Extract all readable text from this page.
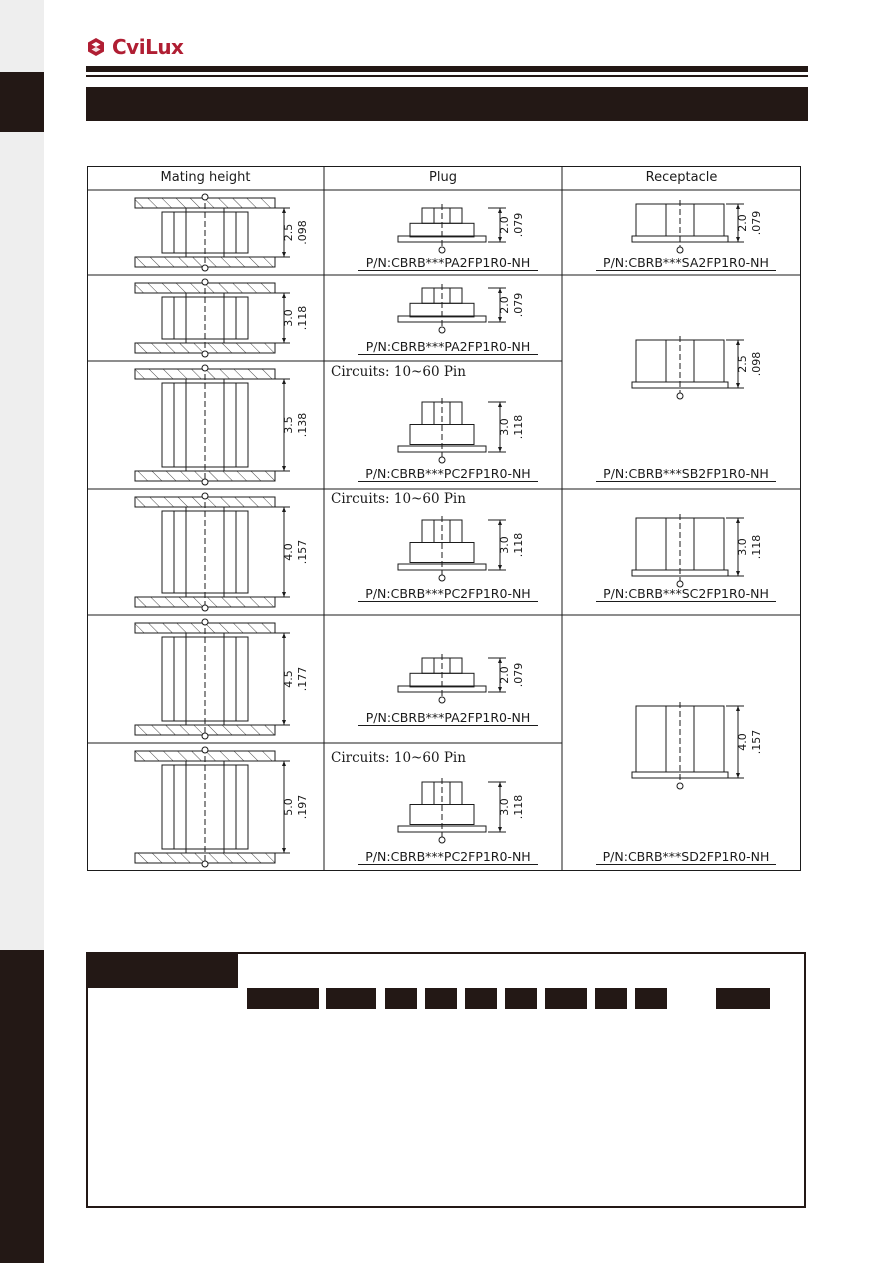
CviLux
2.5 .098
3.0 .118
3.5 .138
4.0 .157
4.5 .177
5.0 .197
2.0 .079
2.0 .079
3.0 .118
3.0 .118
2.0 .079
3.0 .118
2.0 .079
2.5 .098
3.0 .118
4.0 .157
Mating height	Plug	Receptacle
P/N:CBRB***PA2FP1R0-NH
P/N:CBRB***PA2FP1R0-NH
P/N:CBRB***PC2FP1R0-NH
P/N:CBRB***PC2FP1R0-NH
P/N:CBRB***PA2FP1R0-NH
P/N:CBRB***PC2FP1R0-NH
P/N:CBRB***SA2FP1R0-NH
P/N:CBRB***SB2FP1R0-NH
P/N:CBRB***SC2FP1R0-NH
P/N:CBRB***SD2FP1R0-NH
Circuits: 10~60 Pin
Circuits: 10~60 Pin
Circuits: 10~60 Pin
